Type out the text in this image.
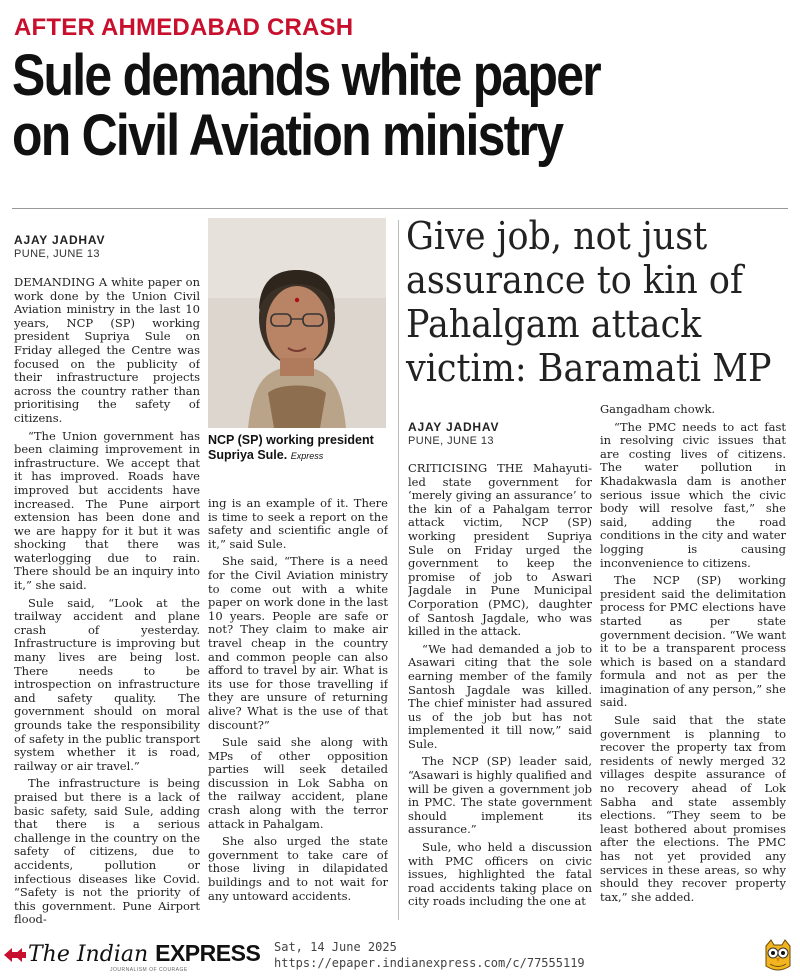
AFTER AHMEDABAD CRASH
Sule demands white paper
on Civil Aviation ministry
AJAY JADHAV
PUNE, JUNE 13

DEMANDING A white paper on work done by the Union Civil Aviation ministry in the last 10 years, NCP (SP) working president Supriya Sule on Friday alleged the Centre was focused on the publicity of their infrastructure projects across the country rather than prioritising the safety of citizens.

“The Union government has been claiming improvement in infrastructure. We accept that it has improved. Roads have improved but accidents have increased. The Pune airport extension has been done and we are happy for it but it was shocking that there was waterlogging due to rain. There should be an inquiry into it,” she said.

Sule said, “Look at the trailway accident and plane crash of yesterday. Infrastructure is improving but many lives are being lost. There needs to be introspection on infrastructure and safety quality. The government should on moral grounds take the responsibility of safety in the public transport system whether it is road, railway or air travel.”

The infrastructure is being praised but there is a lack of basic safety, said Sule, adding that there is a serious challenge in the country on the safety of citizens, due to accidents, pollution or infectious diseases like Covid. “Safety is not the priority of this government. Pune Airport flood-

NCP (SP) working president Supriya Sule. Express

ing is an example of it. There is time to seek a report on the safety and scientific angle of it,” said Sule.

She said, “There is a need for the Civil Aviation ministry to come out with a white paper on work done in the last 10 years. People are safe or not? They claim to make air travel cheap in the country and common people can also afford to travel by air. What is its use for those travelling if they are unsure of returning alive? What is the use of that discount?”

Sule said she along with MPs of other opposition parties will seek detailed discussion in Lok Sabha on the railway accident, plane crash along with the terror attack in Pahalgam.

She also urged the state government to take care of those living in dilapidated buildings and to not wait for any untoward accidents.

Give job, not just
assurance to kin of
Pahalgam attack
victim: Baramati MP
AJAY JADHAV
PUNE, JUNE 13

CRITICISING THE Mahayuti-led state government for ‘merely giving an assurance’ to the kin of a Pahalgam terror attack victim, NCP (SP) working president Supriya Sule on Friday urged the government to keep the promise of job to Aswari Jagdale in Pune Municipal Corporation (PMC), daughter of Santosh Jagdale, who was killed in the attack.

“We had demanded a job to Asawari citing that the sole earning member of the family Santosh Jagdale was killed. The chief minister had assured us of the job but has not implemented it till now,” said Sule.

The NCP (SP) leader said, “Asawari is highly qualified and will be given a government job in PMC. The state government should implement its assurance.”

Sule, who held a discussion with PMC officers on civic issues, highlighted the fatal road accidents taking place on city roads including the one at

Gangadham chowk.

“The PMC needs to act fast in resolving civic issues that are costing lives of citizens. The water pollution in Khadakwasla dam is another serious issue which the civic body will resolve fast,” she said, adding the road conditions in the city and water logging is causing inconvenience to citizens.

The NCP (SP) working president said the delimitation process for PMC elections have started as per state government decision. “We want it to be a transparent process which is based on a standard formula and not as per the imagination of any person,” she said.

Sule said that the state government is planning to recover the property tax from residents of newly merged 32 villages despite assurance of no recovery ahead of Lok Sabha and state assembly elections. “They seem to be least bothered about promises after the elections. The PMC has not yet provided any services in these areas, so why should they recover property tax,” she added.

The Indian EXPRESS
JOURNALISM OF COURAGE
Sat, 14 June 2025
https://epaper.indianexpress.com/c/77555119
